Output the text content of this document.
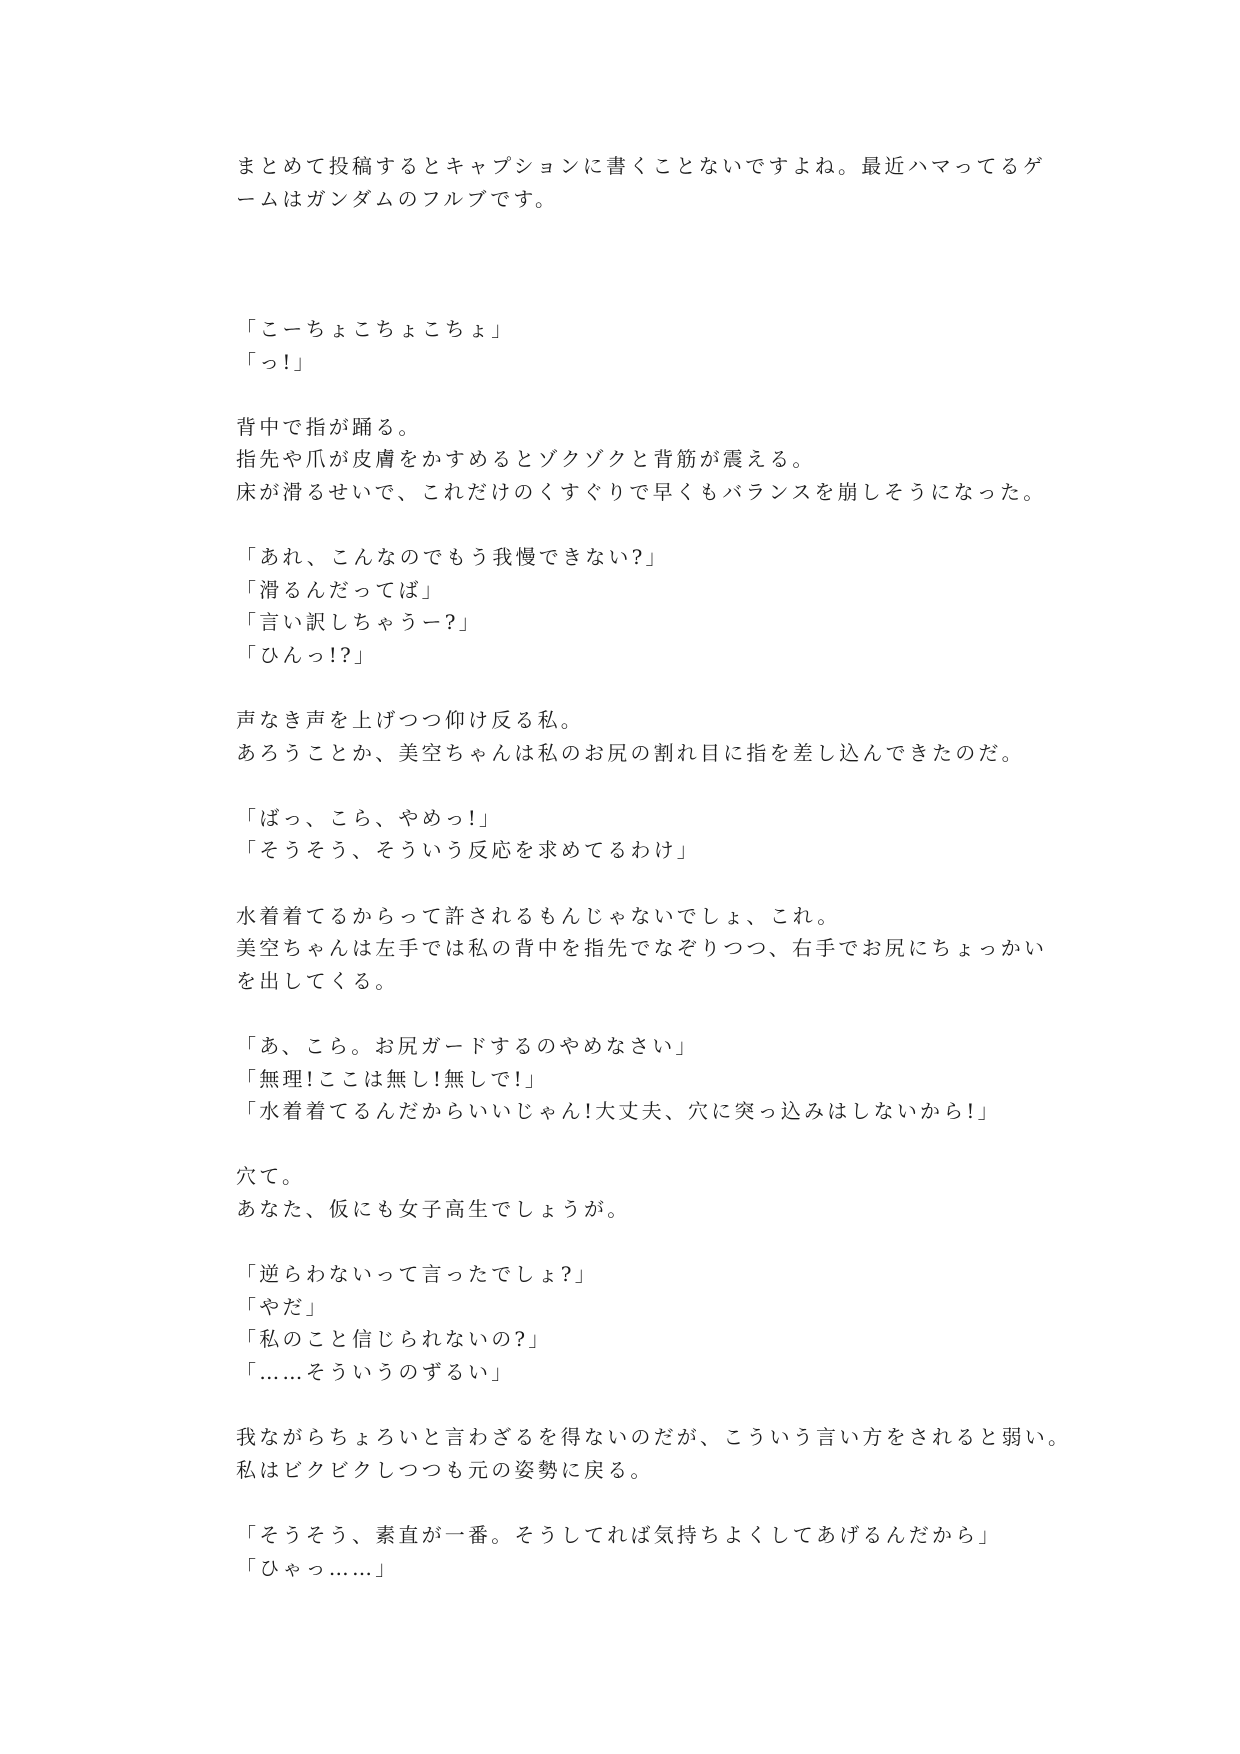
まとめて投稿するとキャプションに書くことないですよね。最近ハマってるゲ
ームはガンダムのフルブです。
「こーちょこちょこちょ」
「っ!」
背中で指が踊る。
指先や爪が皮膚をかすめるとゾクゾクと背筋が震える。
床が滑るせいで、これだけのくすぐりで早くもバランスを崩しそうになった。
「あれ、こんなのでもう我慢できない?」
「滑るんだってば」
「言い訳しちゃうー?」
「ひんっ!?」
声なき声を上げつつ仰け反る私。
あろうことか、美空ちゃんは私のお尻の割れ目に指を差し込んできたのだ。
「ばっ、こら、やめっ!」
「そうそう、そういう反応を求めてるわけ」
水着着てるからって許されるもんじゃないでしょ、これ。
美空ちゃんは左手では私の背中を指先でなぞりつつ、右手でお尻にちょっかい
を出してくる。
「あ、こら。お尻ガードするのやめなさい」
「無理!ここは無し!無しで!」
「水着着てるんだからいいじゃん!大丈夫、穴に突っ込みはしないから!」
穴て。
あなた、仮にも女子高生でしょうが。
「逆らわないって言ったでしょ?」
「やだ」
「私のこと信じられないの?」
「……そういうのずるい」
我ながらちょろいと言わざるを得ないのだが、こういう言い方をされると弱い。
私はビクビクしつつも元の姿勢に戻る。
「そうそう、素直が一番。そうしてれば気持ちよくしてあげるんだから」
「ひゃっ……」
